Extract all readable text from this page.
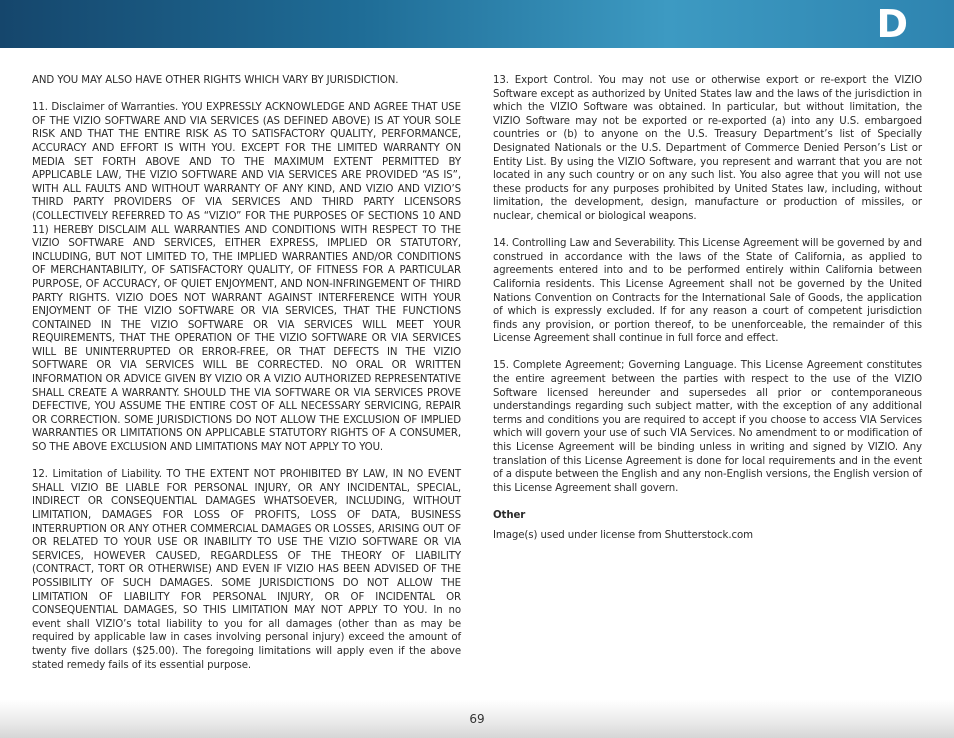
D

AND YOU MAY ALSO HAVE OTHER RIGHTS WHICH VARY BY JURISDICTION.

11. Disclaimer of Warranties. YOU EXPRESSLY ACKNOWLEDGE AND AGREE THAT USE OF THE VIZIO SOFTWARE AND VIA SERVICES (AS DEFINED ABOVE) IS AT YOUR SOLE RISK AND THAT THE ENTIRE RISK AS TO SATISFACTORY QUALITY, PERFORMANCE, ACCURACY AND EFFORT IS WITH YOU. EXCEPT FOR THE LIMITED WARRANTY ON MEDIA SET FORTH ABOVE AND TO THE MAXIMUM EXTENT PERMITTED BY APPLICABLE LAW, THE VIZIO SOFTWARE AND VIA SERVICES ARE PROVIDED “AS IS”, WITH ALL FAULTS AND WITHOUT WARRANTY OF ANY KIND, AND VIZIO AND VIZIO’S THIRD PARTY PROVIDERS OF VIA SERVICES AND THIRD PARTY LICENSORS (COLLECTIVELY REFERRED TO AS “VIZIO” FOR THE PURPOSES OF SECTIONS 10 AND 11) HEREBY DISCLAIM ALL WARRANTIES AND CONDITIONS WITH RESPECT TO THE VIZIO SOFTWARE AND SERVICES, EITHER EXPRESS, IMPLIED OR STATUTORY, INCLUDING, BUT NOT LIMITED TO, THE IMPLIED WARRANTIES AND/OR CONDITIONS OF MERCHANTABILITY, OF SATISFACTORY QUALITY, OF FITNESS FOR A PARTICULAR PURPOSE, OF ACCURACY, OF QUIET ENJOYMENT, AND NON-INFRINGEMENT OF THIRD PARTY RIGHTS. VIZIO DOES NOT WARRANT AGAINST INTERFERENCE WITH YOUR ENJOYMENT OF THE VIZIO SOFTWARE OR VIA SERVICES, THAT THE FUNCTIONS CONTAINED IN THE VIZIO SOFTWARE OR VIA SERVICES WILL MEET YOUR REQUIREMENTS, THAT THE OPERATION OF THE VIZIO SOFTWARE OR VIA SERVICES WILL BE UNINTERRUPTED OR ERROR-FREE, OR THAT DEFECTS IN THE VIZIO SOFTWARE OR VIA SERVICES WILL BE CORRECTED. NO ORAL OR WRITTEN INFORMATION OR ADVICE GIVEN BY VIZIO OR A VIZIO AUTHORIZED REPRESENTATIVE SHALL CREATE A WARRANTY. SHOULD THE VIA SOFTWARE OR VIA SERVICES PROVE DEFECTIVE, YOU ASSUME THE ENTIRE COST OF ALL NECESSARY SERVICING, REPAIR OR CORRECTION. SOME JURISDICTIONS DO NOT ALLOW THE EXCLUSION OF IMPLIED WARRANTIES OR LIMITATIONS ON APPLICABLE STATUTORY RIGHTS OF A CONSUMER, SO THE ABOVE EXCLUSION AND LIMITATIONS MAY NOT APPLY TO YOU.

12. Limitation of Liability. TO THE EXTENT NOT PROHIBITED BY LAW, IN NO EVENT SHALL VIZIO BE LIABLE FOR PERSONAL INJURY, OR ANY INCIDENTAL, SPECIAL, INDIRECT OR CONSEQUENTIAL DAMAGES WHATSOEVER, INCLUDING, WITHOUT LIMITATION, DAMAGES FOR LOSS OF PROFITS, LOSS OF DATA, BUSINESS INTERRUPTION OR ANY OTHER COMMERCIAL DAMAGES OR LOSSES, ARISING OUT OF OR RELATED TO YOUR USE OR INABILITY TO USE THE VIZIO SOFTWARE OR VIA SERVICES, HOWEVER CAUSED, REGARDLESS OF THE THEORY OF LIABILITY (CONTRACT, TORT OR OTHERWISE) AND EVEN IF VIZIO HAS BEEN ADVISED OF THE POSSIBILITY OF SUCH DAMAGES. SOME JURISDICTIONS DO NOT ALLOW THE LIMITATION OF LIABILITY FOR PERSONAL INJURY, OR OF INCIDENTAL OR CONSEQUENTIAL DAMAGES, SO THIS LIMITATION MAY NOT APPLY TO YOU. In no event shall VIZIO’s total liability to you for all damages (other than as may be required by applicable law in cases involving personal injury) exceed the amount of twenty five dollars ($25.00). The foregoing limitations will apply even if the above stated remedy fails of its essential purpose.

13. Export Control. You may not use or otherwise export or re-export the VIZIO Software except as authorized by United States law and the laws of the jurisdiction in which the VIZIO Software was obtained. In particular, but without limitation, the VIZIO Software may not be exported or re-exported (a) into any U.S. embargoed countries or (b) to anyone on the U.S. Treasury Department’s list of Specially Designated Nationals or the U.S. Department of Commerce Denied Person’s List or Entity List. By using the VIZIO Software, you represent and warrant that you are not located in any such country or on any such list. You also agree that you will not use these products for any purposes prohibited by United States law, including, without limitation, the development, design, manufacture or production of missiles, or nuclear, chemical or biological weapons.

14. Controlling Law and Severability. This License Agreement will be governed by and construed in accordance with the laws of the State of California, as applied to agreements entered into and to be performed entirely within California between California residents. This License Agreement shall not be governed by the United Nations Convention on Contracts for the International Sale of Goods, the application of which is expressly excluded. If for any reason a court of competent jurisdiction finds any provision, or portion thereof, to be unenforceable, the remainder of this License Agreement shall continue in full force and effect.

15. Complete Agreement; Governing Language. This License Agreement constitutes the entire agreement between the parties with respect to the use of the VIZIO Software licensed hereunder and supersedes all prior or contemporaneous understandings regarding such subject matter, with the exception of any additional terms and conditions you are required to accept if you choose to access VIA Services which will govern your use of such VIA Services. No amendment to or modification of this License Agreement will be binding unless in writing and signed by VIZIO. Any translation of this License Agreement is done for local requirements and in the event of a dispute between the English and any non-English versions, the English version of this License Agreement shall govern.

Other

Image(s) used under license from Shutterstock.com

69
